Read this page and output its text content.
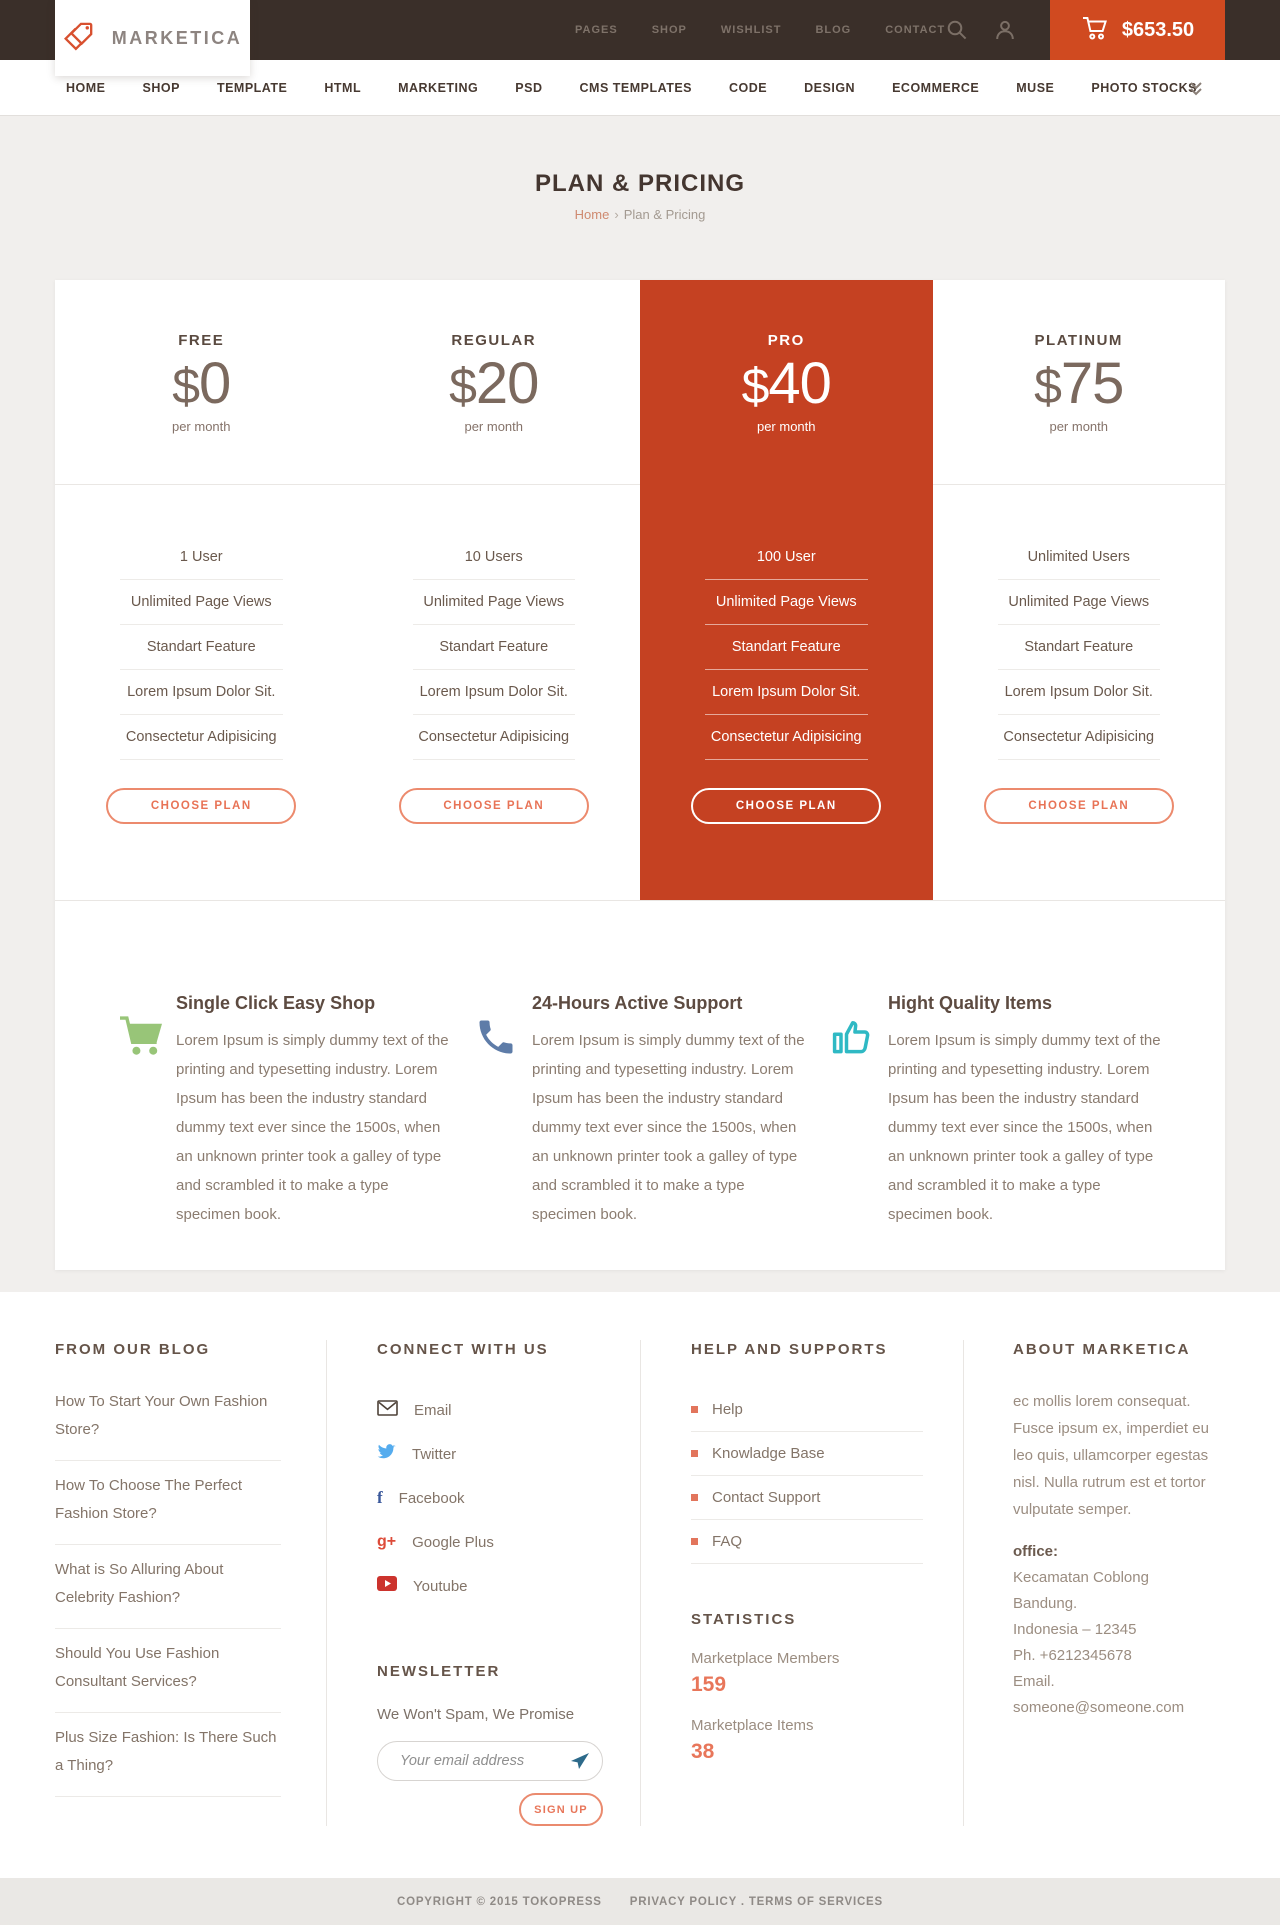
PAGES	SHOP	WISHLIST	BLOG	CONTACT	$653.50
MARKETICA
HOME	SHOP	TEMPLATE	HTML	MARKETING	PSD	CMS TEMPLATES	CODE	DESIGN	ECOMMERCE	MUSE	PHOTO STOCKS
PLAN & PRICING
Home › Plan & Pricing
FREE
$0
per month
1 User
Unlimited Page Views
Standart Feature
Lorem Ipsum Dolor Sit.
Consectetur Adipisicing
CHOOSE PLAN
REGULAR
$20
per month
10 Users
Unlimited Page Views
Standart Feature
Lorem Ipsum Dolor Sit.
Consectetur Adipisicing
CHOOSE PLAN
PRO
$40
per month
100 User
Unlimited Page Views
Standart Feature
Lorem Ipsum Dolor Sit.
Consectetur Adipisicing
CHOOSE PLAN
PLATINUM
$75
per month
Unlimited Users
Unlimited Page Views
Standart Feature
Lorem Ipsum Dolor Sit.
Consectetur Adipisicing
CHOOSE PLAN
Single Click Easy Shop

Lorem Ipsum is simply dummy text of the printing and typesetting industry. Lorem Ipsum has been the industry standard dummy text ever since the 1500s, when an unknown printer took a galley of type and scrambled it to make a type specimen book.

24-Hours Active Support

Lorem Ipsum is simply dummy text of the printing and typesetting industry. Lorem Ipsum has been the industry standard dummy text ever since the 1500s, when an unknown printer took a galley of type and scrambled it to make a type specimen book.

Hight Quality Items

Lorem Ipsum is simply dummy text of the printing and typesetting industry. Lorem Ipsum has been the industry standard dummy text ever since the 1500s, when an unknown printer took a galley of type and scrambled it to make a type specimen book.

FROM OUR BLOG
How To Start Your Own Fashion Store?
How To Choose The Perfect Fashion Store?
What is So Alluring About Celebrity Fashion?
Should You Use Fashion Consultant Services?
Plus Size Fashion: Is There Such a Thing?
CONNECT WITH US
Email
Twitter
f Facebook
g+ Google Plus
Youtube
NEWSLETTER
We Won't Spam, We Promise
Your email address
SIGN UP
HELP AND SUPPORTS
Help
Knowladge Base
Contact Support
FAQ
STATISTICS
Marketplace Members
159
Marketplace Items
38
ABOUT MARKETICA

ec mollis lorem consequat. Fusce ipsum ex, imperdiet eu leo quis, ullamcorper egestas nisl. Nulla rutrum est et tortor vulputate semper.

office:
Kecamatan Coblong
Bandung.
Indonesia – 12345
Ph. +6212345678
Email. someone@someone.com
COPYRIGHT © 2015 TOKOPRESS PRIVACY POLICY . TERMS OF SERVICES
